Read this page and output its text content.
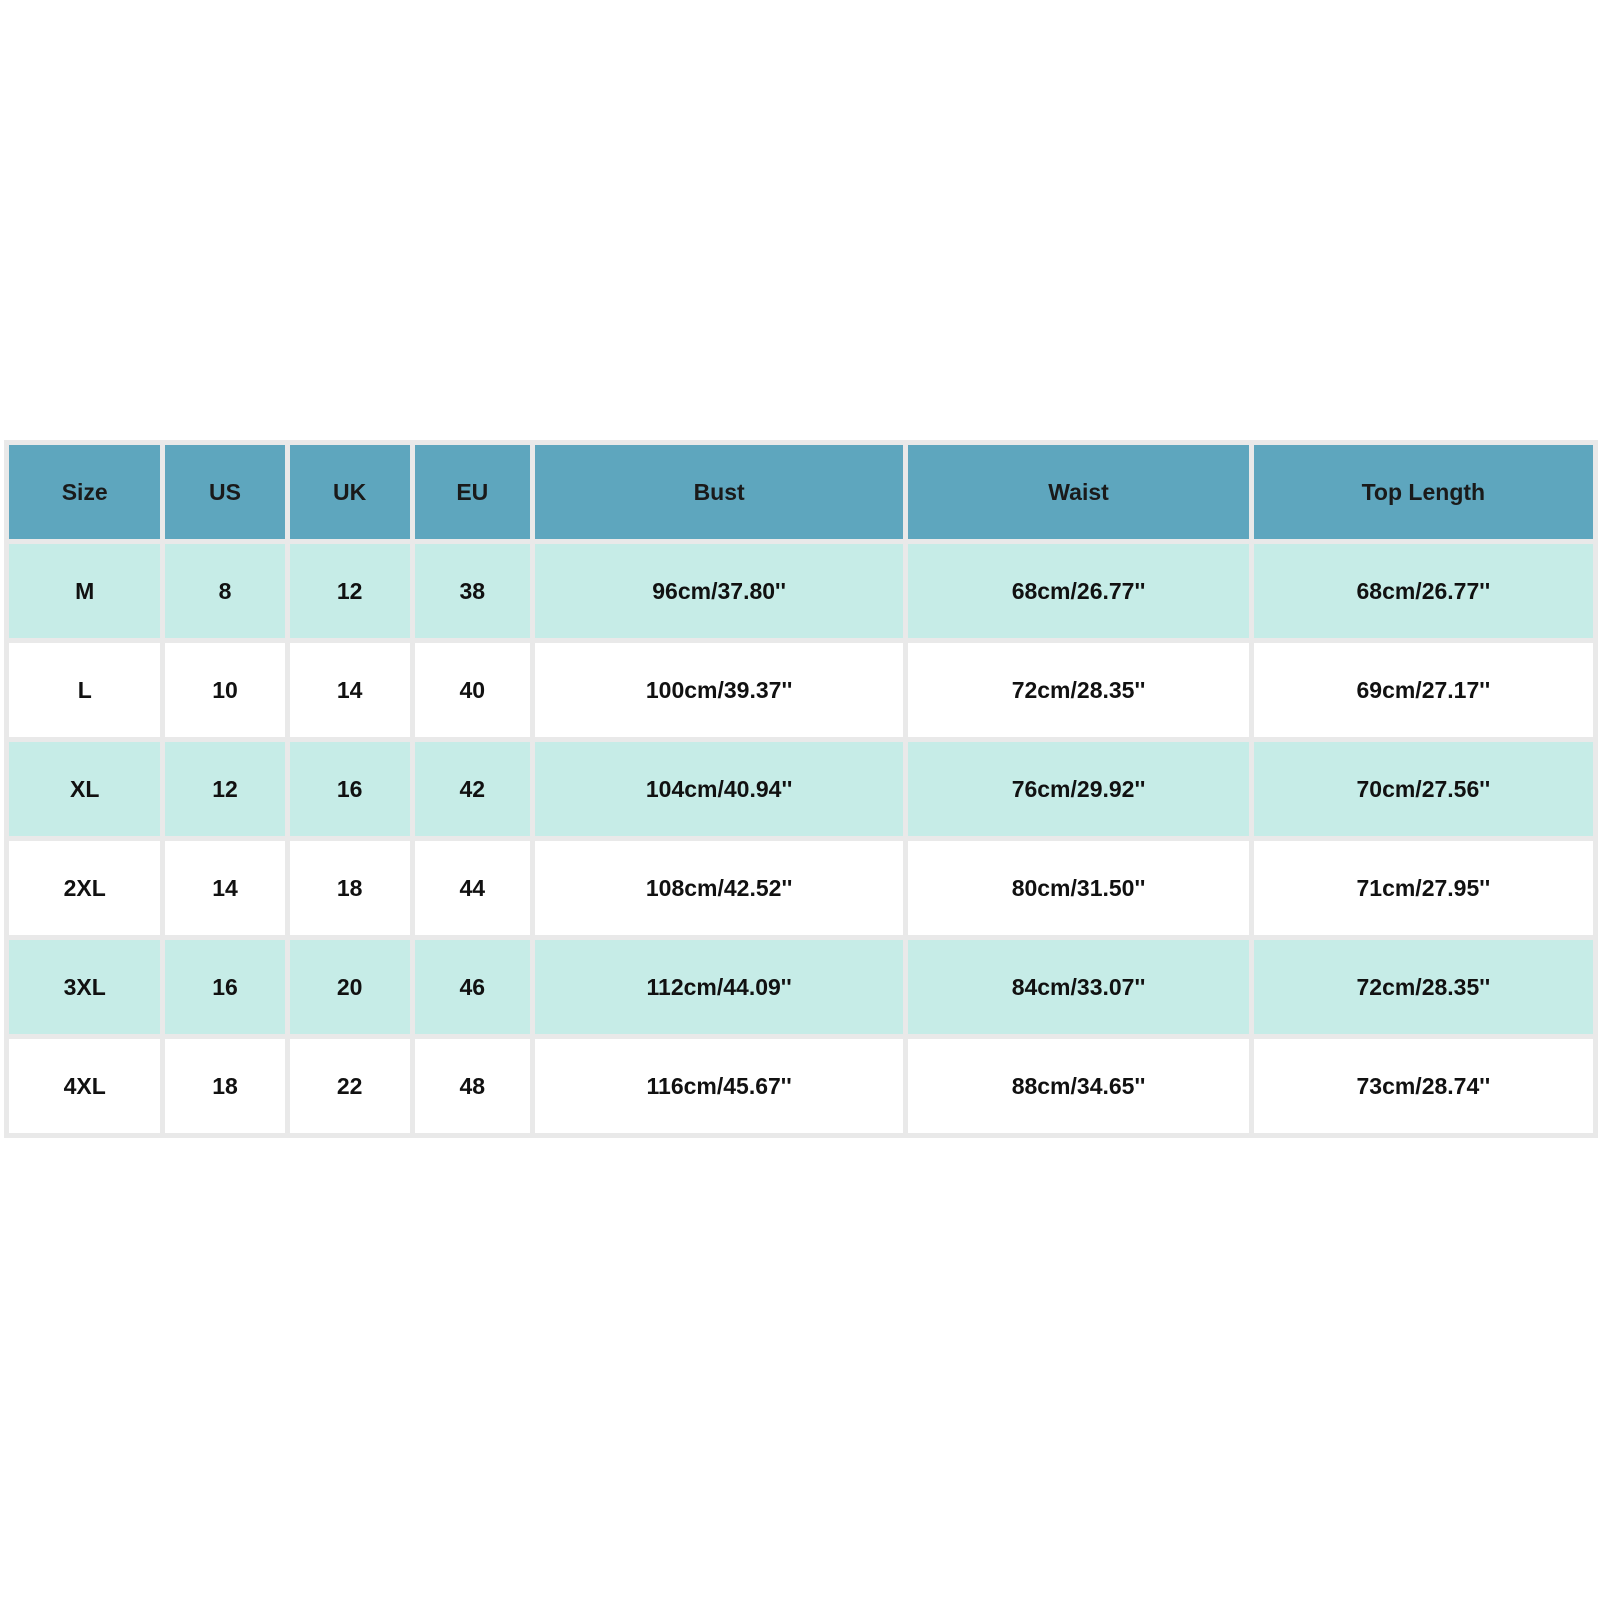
Size	US	UK	EU	Bust	Waist	Top Length
M	8	12	38	96cm/37.80''	68cm/26.77''	68cm/26.77''
L	10	14	40	100cm/39.37''	72cm/28.35''	69cm/27.17''
XL	12	16	42	104cm/40.94''	76cm/29.92''	70cm/27.56''
2XL	14	18	44	108cm/42.52''	80cm/31.50''	71cm/27.95''
3XL	16	20	46	112cm/44.09''	84cm/33.07''	72cm/28.35''
4XL	18	22	48	116cm/45.67''	88cm/34.65''	73cm/28.74''
